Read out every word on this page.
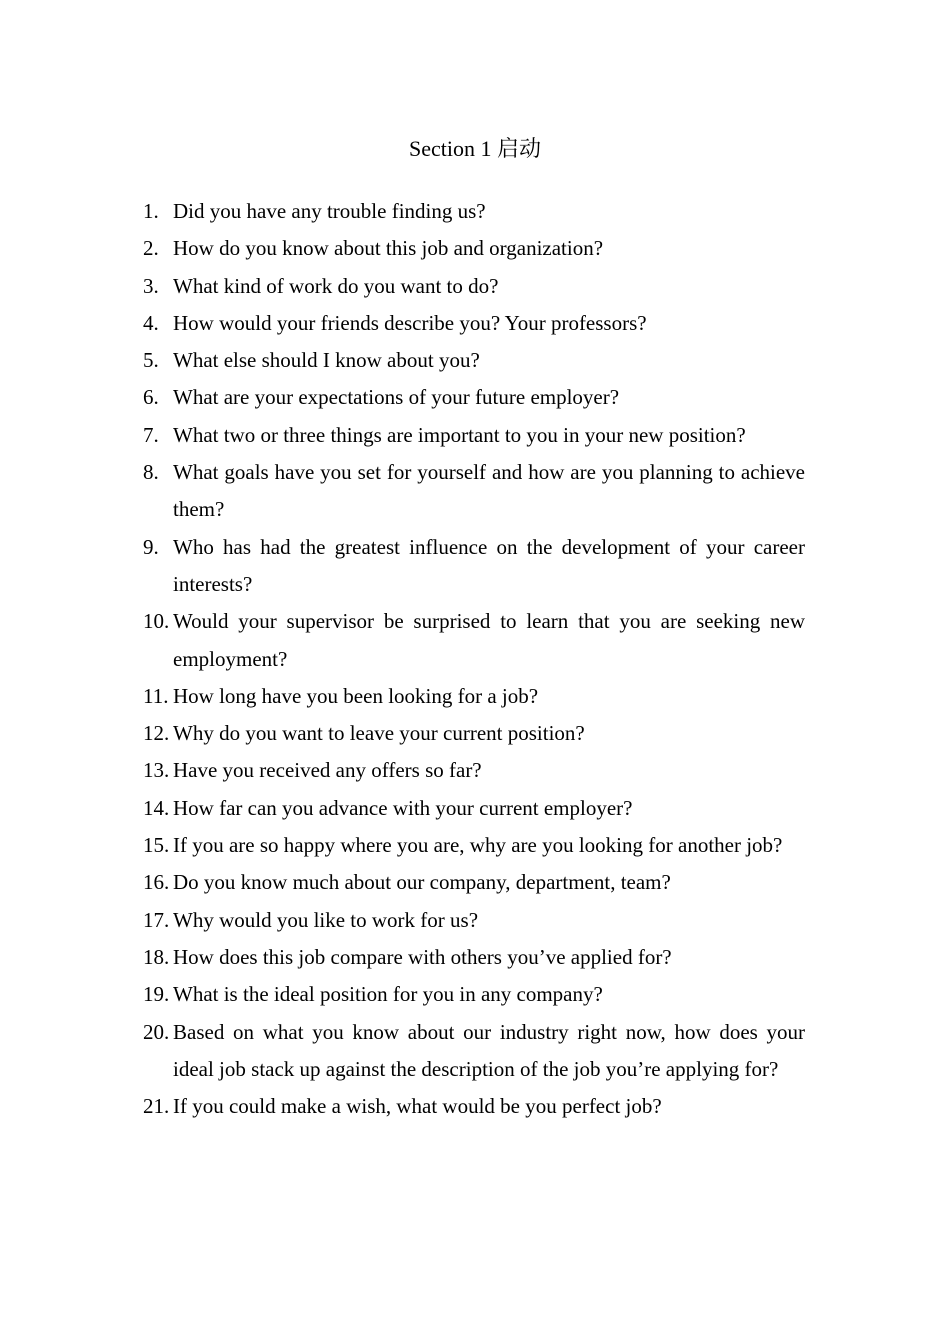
Section 1 启动
1. Did you have any trouble finding us?
2. How do you know about this job and organization?
3. What kind of work do you want to do?
4. How would your friends describe you? Your professors?
5. What else should I know about you?
6. What are your expectations of your future employer?
7. What two or three things are important to you in your new position?
8. What goals have you set for yourself and how are you planning to achieve them?
9. Who has had the greatest influence on the development of your career interests?
10. Would your supervisor be surprised to learn that you are seeking new employment?
11. How long have you been looking for a job?
12. Why do you want to leave your current position?
13. Have you received any offers so far?
14. How far can you advance with your current employer?
15. If you are so happy where you are, why are you looking for another job?
16. Do you know much about our company, department, team?
17. Why would you like to work for us?
18. How does this job compare with others you’ve applied for?
19. What is the ideal position for you in any company?
20. Based on what you know about our industry right now, how does your ideal job stack up against the description of the job you’re applying for?
21. If you could make a wish, what would be you perfect job?
